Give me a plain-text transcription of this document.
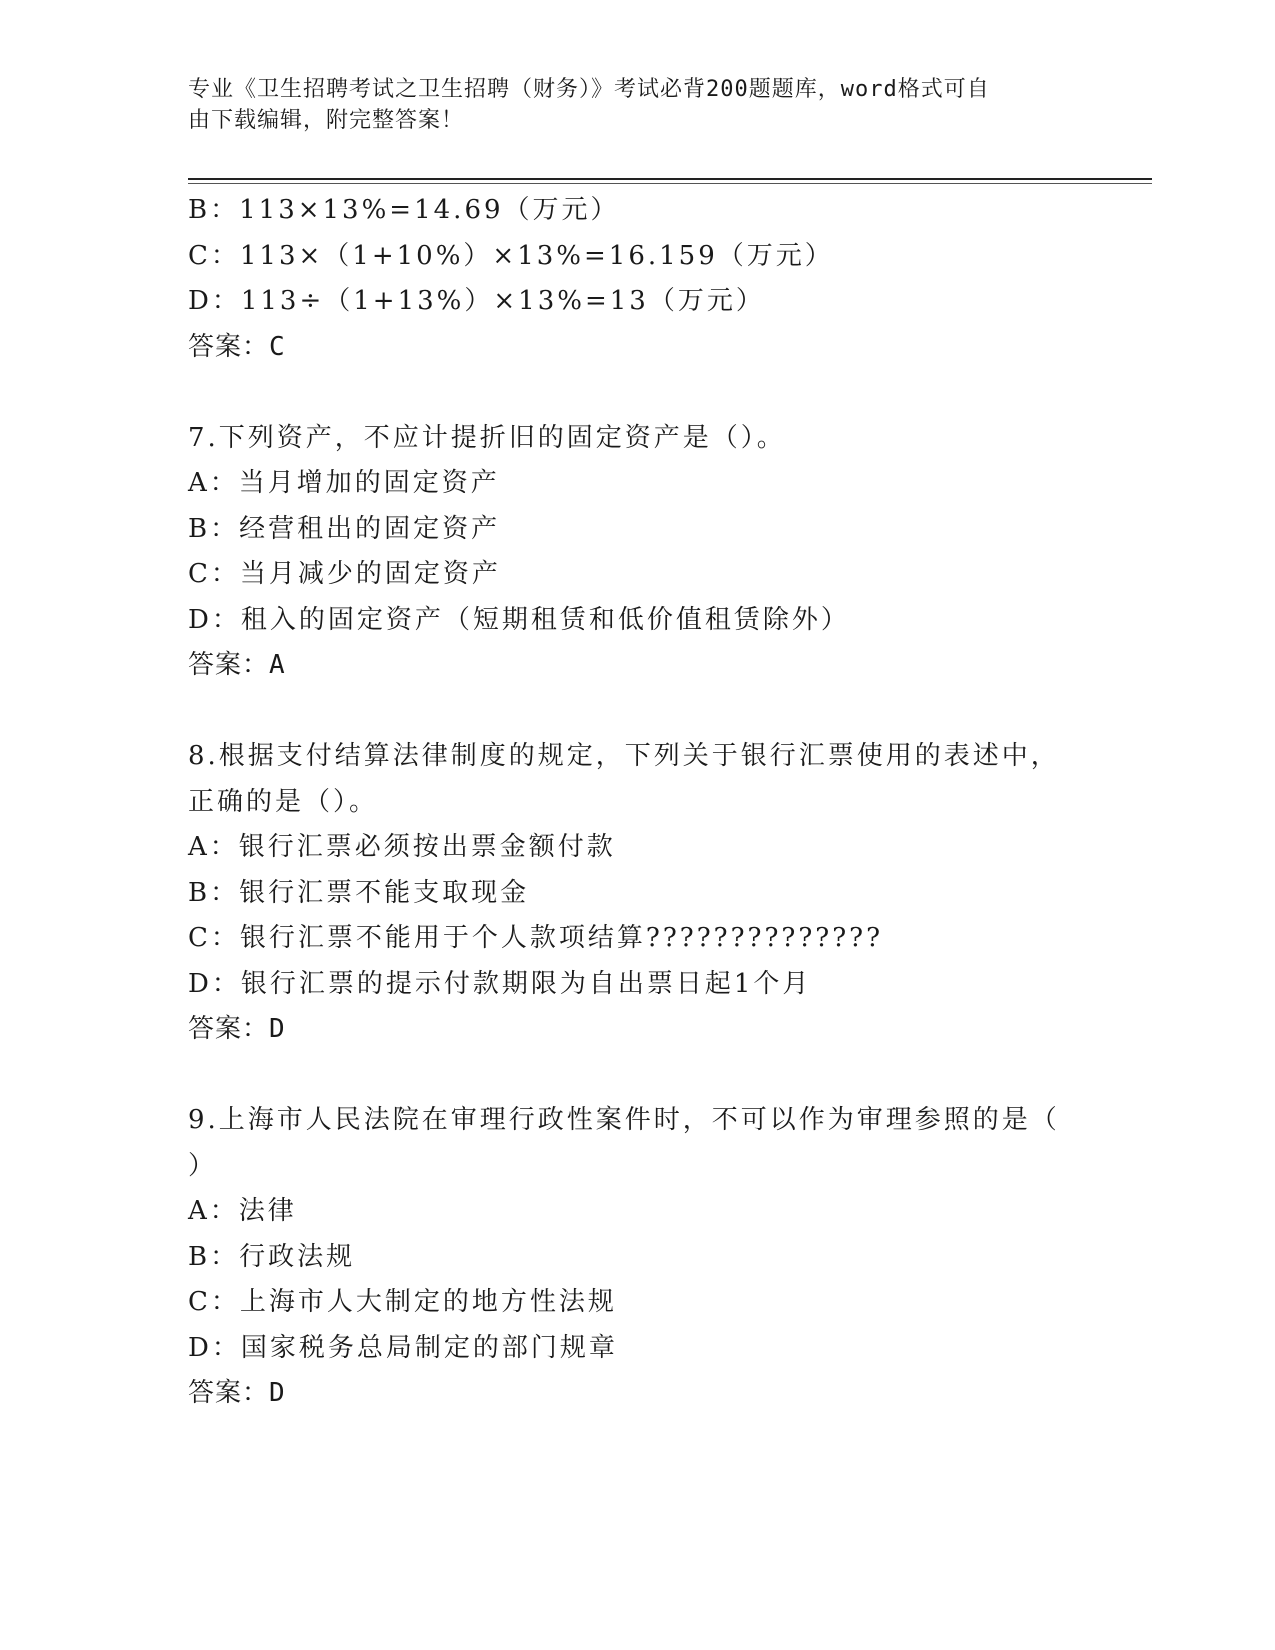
专业《卫生招聘考试之卫生招聘（财务）》考试必背200题题库，word格式可自
由下载编辑，附完整答案！
B：113×13%=14.69（万元）
C：113×（1+10%）×13%=16.159（万元）
D：113÷（1+13%）×13%=13（万元）
答案：C
7.下列资产，不应计提折旧的固定资产是（）。
A：当月增加的固定资产
B：经营租出的固定资产
C：当月减少的固定资产
D：租入的固定资产（短期租赁和低价值租赁除外）
答案：A
8.根据支付结算法律制度的规定，下列关于银行汇票使用的表述中，
正确的是（）。
A：银行汇票必须按出票金额付款
B：银行汇票不能支取现金
C：银行汇票不能用于个人款项结算??????????????
D：银行汇票的提示付款期限为自出票日起1个月
答案：D
9.上海市人民法院在审理行政性案件时，不可以作为审理参照的是（
）
A：法律
B：行政法规
C：上海市人大制定的地方性法规
D：国家税务总局制定的部门规章
答案：D
